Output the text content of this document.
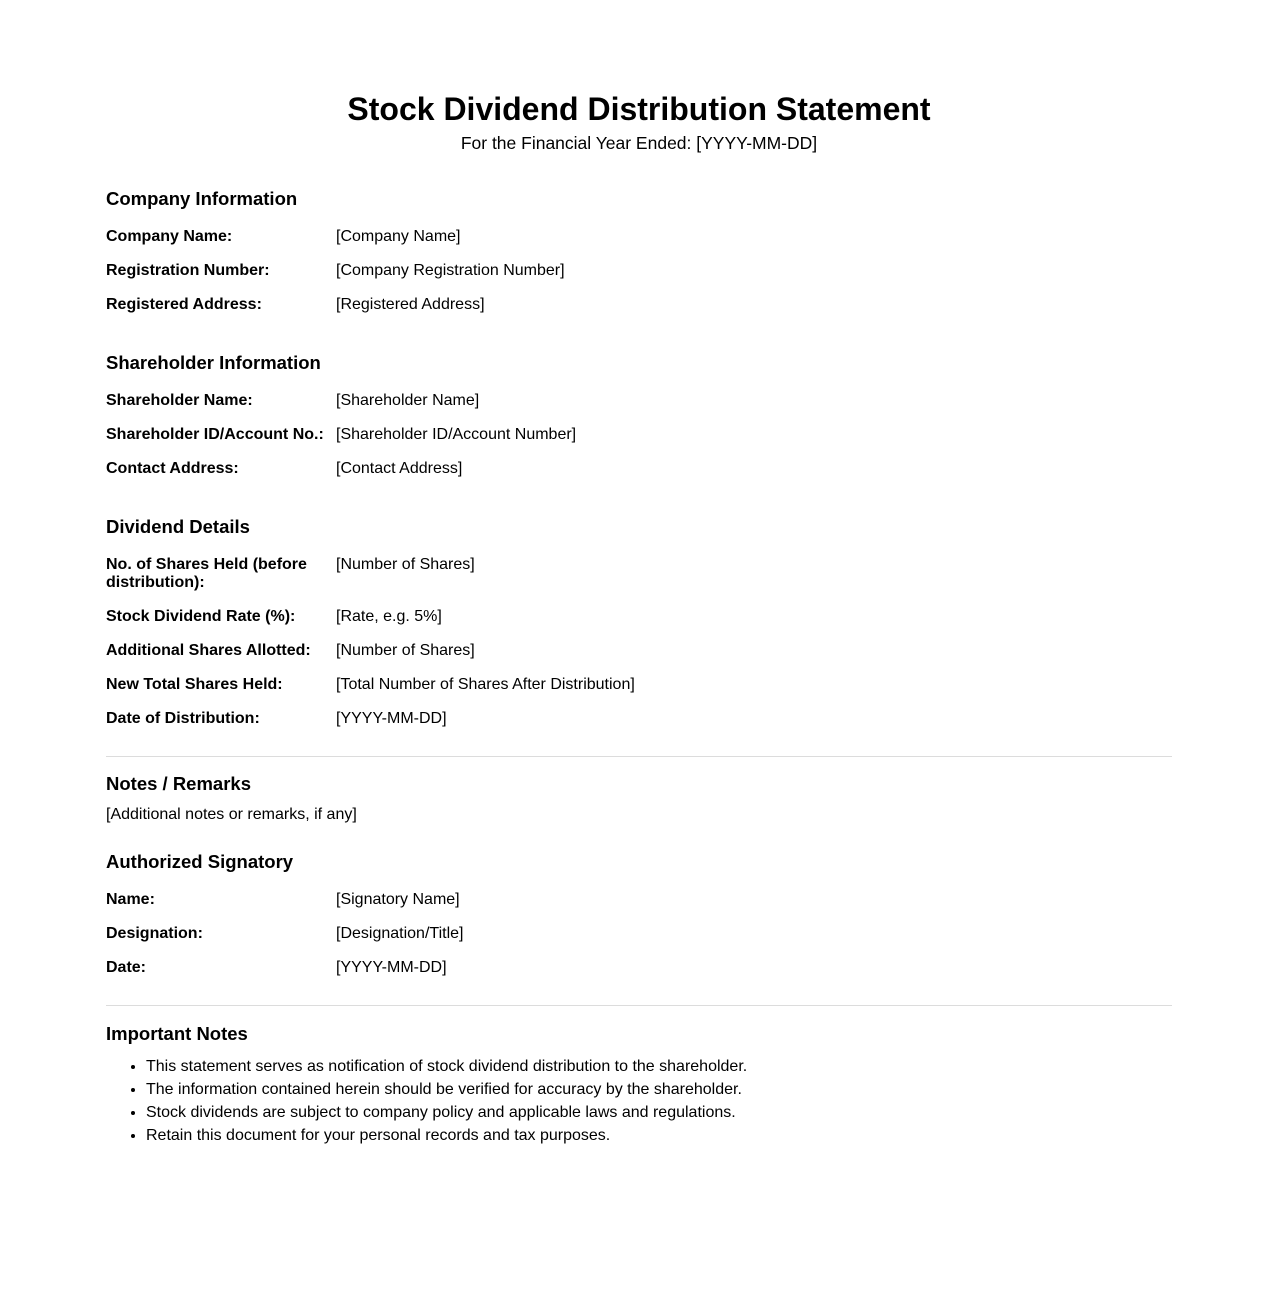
Stock Dividend Distribution Statement

For the Financial Year Ended: [YYYY-MM-DD]

Company Information
Company Name:	[Company Name]
Registration Number:	[Company Registration Number]
Registered Address:	[Registered Address]
Shareholder Information
Shareholder Name:	[Shareholder Name]
Shareholder ID/Account No.: [Shareholder ID/Account Number]
Contact Address:	[Contact Address]
Dividend Details
No. of Shares Held (before distribution):
[Number of Shares]
Stock Dividend Rate (%):	[Rate, e.g. 5%]
Additional Shares Allotted:	[Number of Shares]
New Total Shares Held:	[Total Number of Shares After Distribution]
Date of Distribution:	[YYYY-MM-DD]
Notes / Remarks
[Additional notes or remarks, if any]
Authorized Signatory
Name:	[Signatory Name]
Designation:	[Designation/Title]
Date:	[YYYY-MM-DD]
Important Notes
• This statement serves as notification of stock dividend distribution to the shareholder.
• The information contained herein should be verified for accuracy by the shareholder.
• Stock dividends are subject to company policy and applicable laws and regulations.
• Retain this document for your personal records and tax purposes.
